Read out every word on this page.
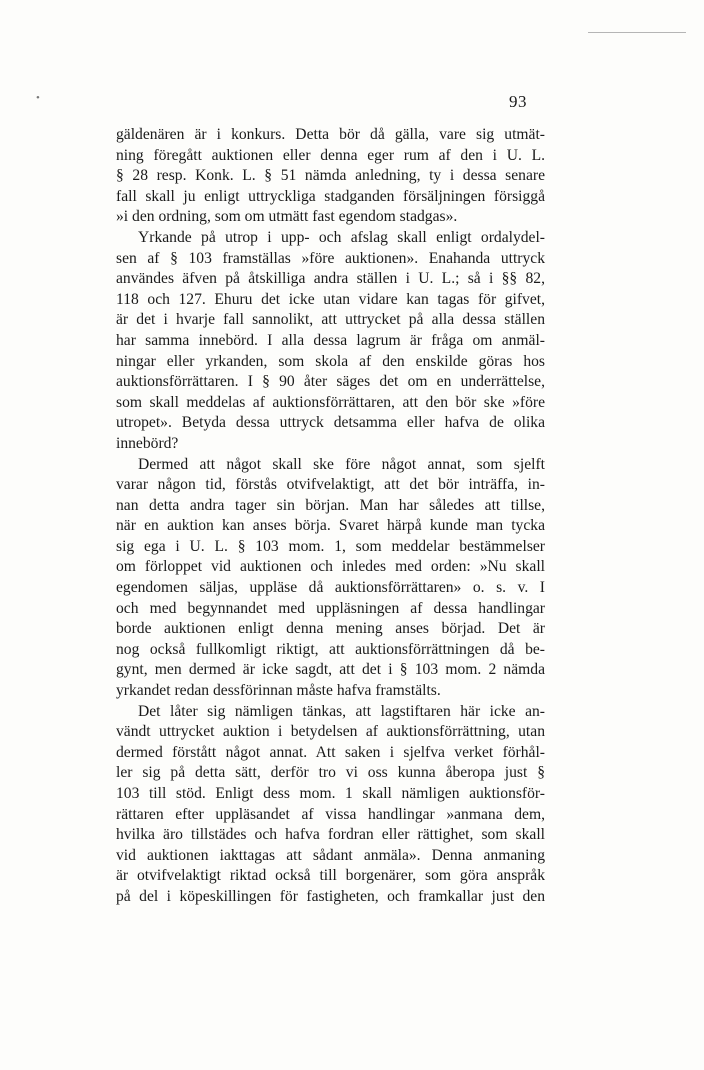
93
•
gäldenären är i konkurs. Detta bör då gälla, vare sig utmät-
ning föregått auktionen eller denna eger rum af den i U. L.
§ 28 resp. Konk. L. § 51 nämda anledning, ty i dessa senare
fall skall ju enligt uttryckliga stadganden försäljningen försiggå
»i den ordning, som om utmätt fast egendom stadgas».
Yrkande på utrop i upp- och afslag skall enligt ordalydel-
sen af § 103 framställas »före auktionen». Enahanda uttryck
användes äfven på åtskilliga andra ställen i U. L.; så i §§ 82,
118 och 127. Ehuru det icke utan vidare kan tagas för gifvet,
är det i hvarje fall sannolikt, att uttrycket på alla dessa ställen
har samma innebörd. I alla dessa lagrum är fråga om anmäl-
ningar eller yrkanden, som skola af den enskilde göras hos
auktionsförrättaren. I § 90 åter säges det om en underrättelse,
som skall meddelas af auktionsförrättaren, att den bör ske »före
utropet». Betyda dessa uttryck detsamma eller hafva de olika
innebörd?
Dermed att något skall ske före något annat, som sjelft
varar någon tid, förstås otvifvelaktigt, att det bör inträffa, in-
nan detta andra tager sin början. Man har således att tillse,
när en auktion kan anses börja. Svaret härpå kunde man tycka
sig ega i U. L. § 103 mom. 1, som meddelar bestämmelser
om förloppet vid auktionen och inledes med orden: »Nu skall
egendomen säljas, uppläse då auktionsförrättaren» o. s. v. I
och med begynnandet med uppläsningen af dessa handlingar
borde auktionen enligt denna mening anses börjad. Det är
nog också fullkomligt riktigt, att auktionsförrättningen då be-
gynt, men dermed är icke sagdt, att det i § 103 mom. 2 nämda
yrkandet redan dessförinnan måste hafva framstälts.
Det låter sig nämligen tänkas, att lagstiftaren här icke an-
vändt uttrycket auktion i betydelsen af auktionsförrättning, utan
dermed förstått något annat. Att saken i sjelfva verket förhål-
ler sig på detta sätt, derför tro vi oss kunna åberopa just §
103 till stöd. Enligt dess mom. 1 skall nämligen auktionsför-
rättaren efter uppläsandet af vissa handlingar »anmana dem,
hvilka äro tillstädes och hafva fordran eller rättighet, som skall
vid auktionen iakttagas att sådant anmäla». Denna anmaning
är otvifvelaktigt riktad också till borgenärer, som göra anspråk
på del i köpeskillingen för fastigheten, och framkallar just den
